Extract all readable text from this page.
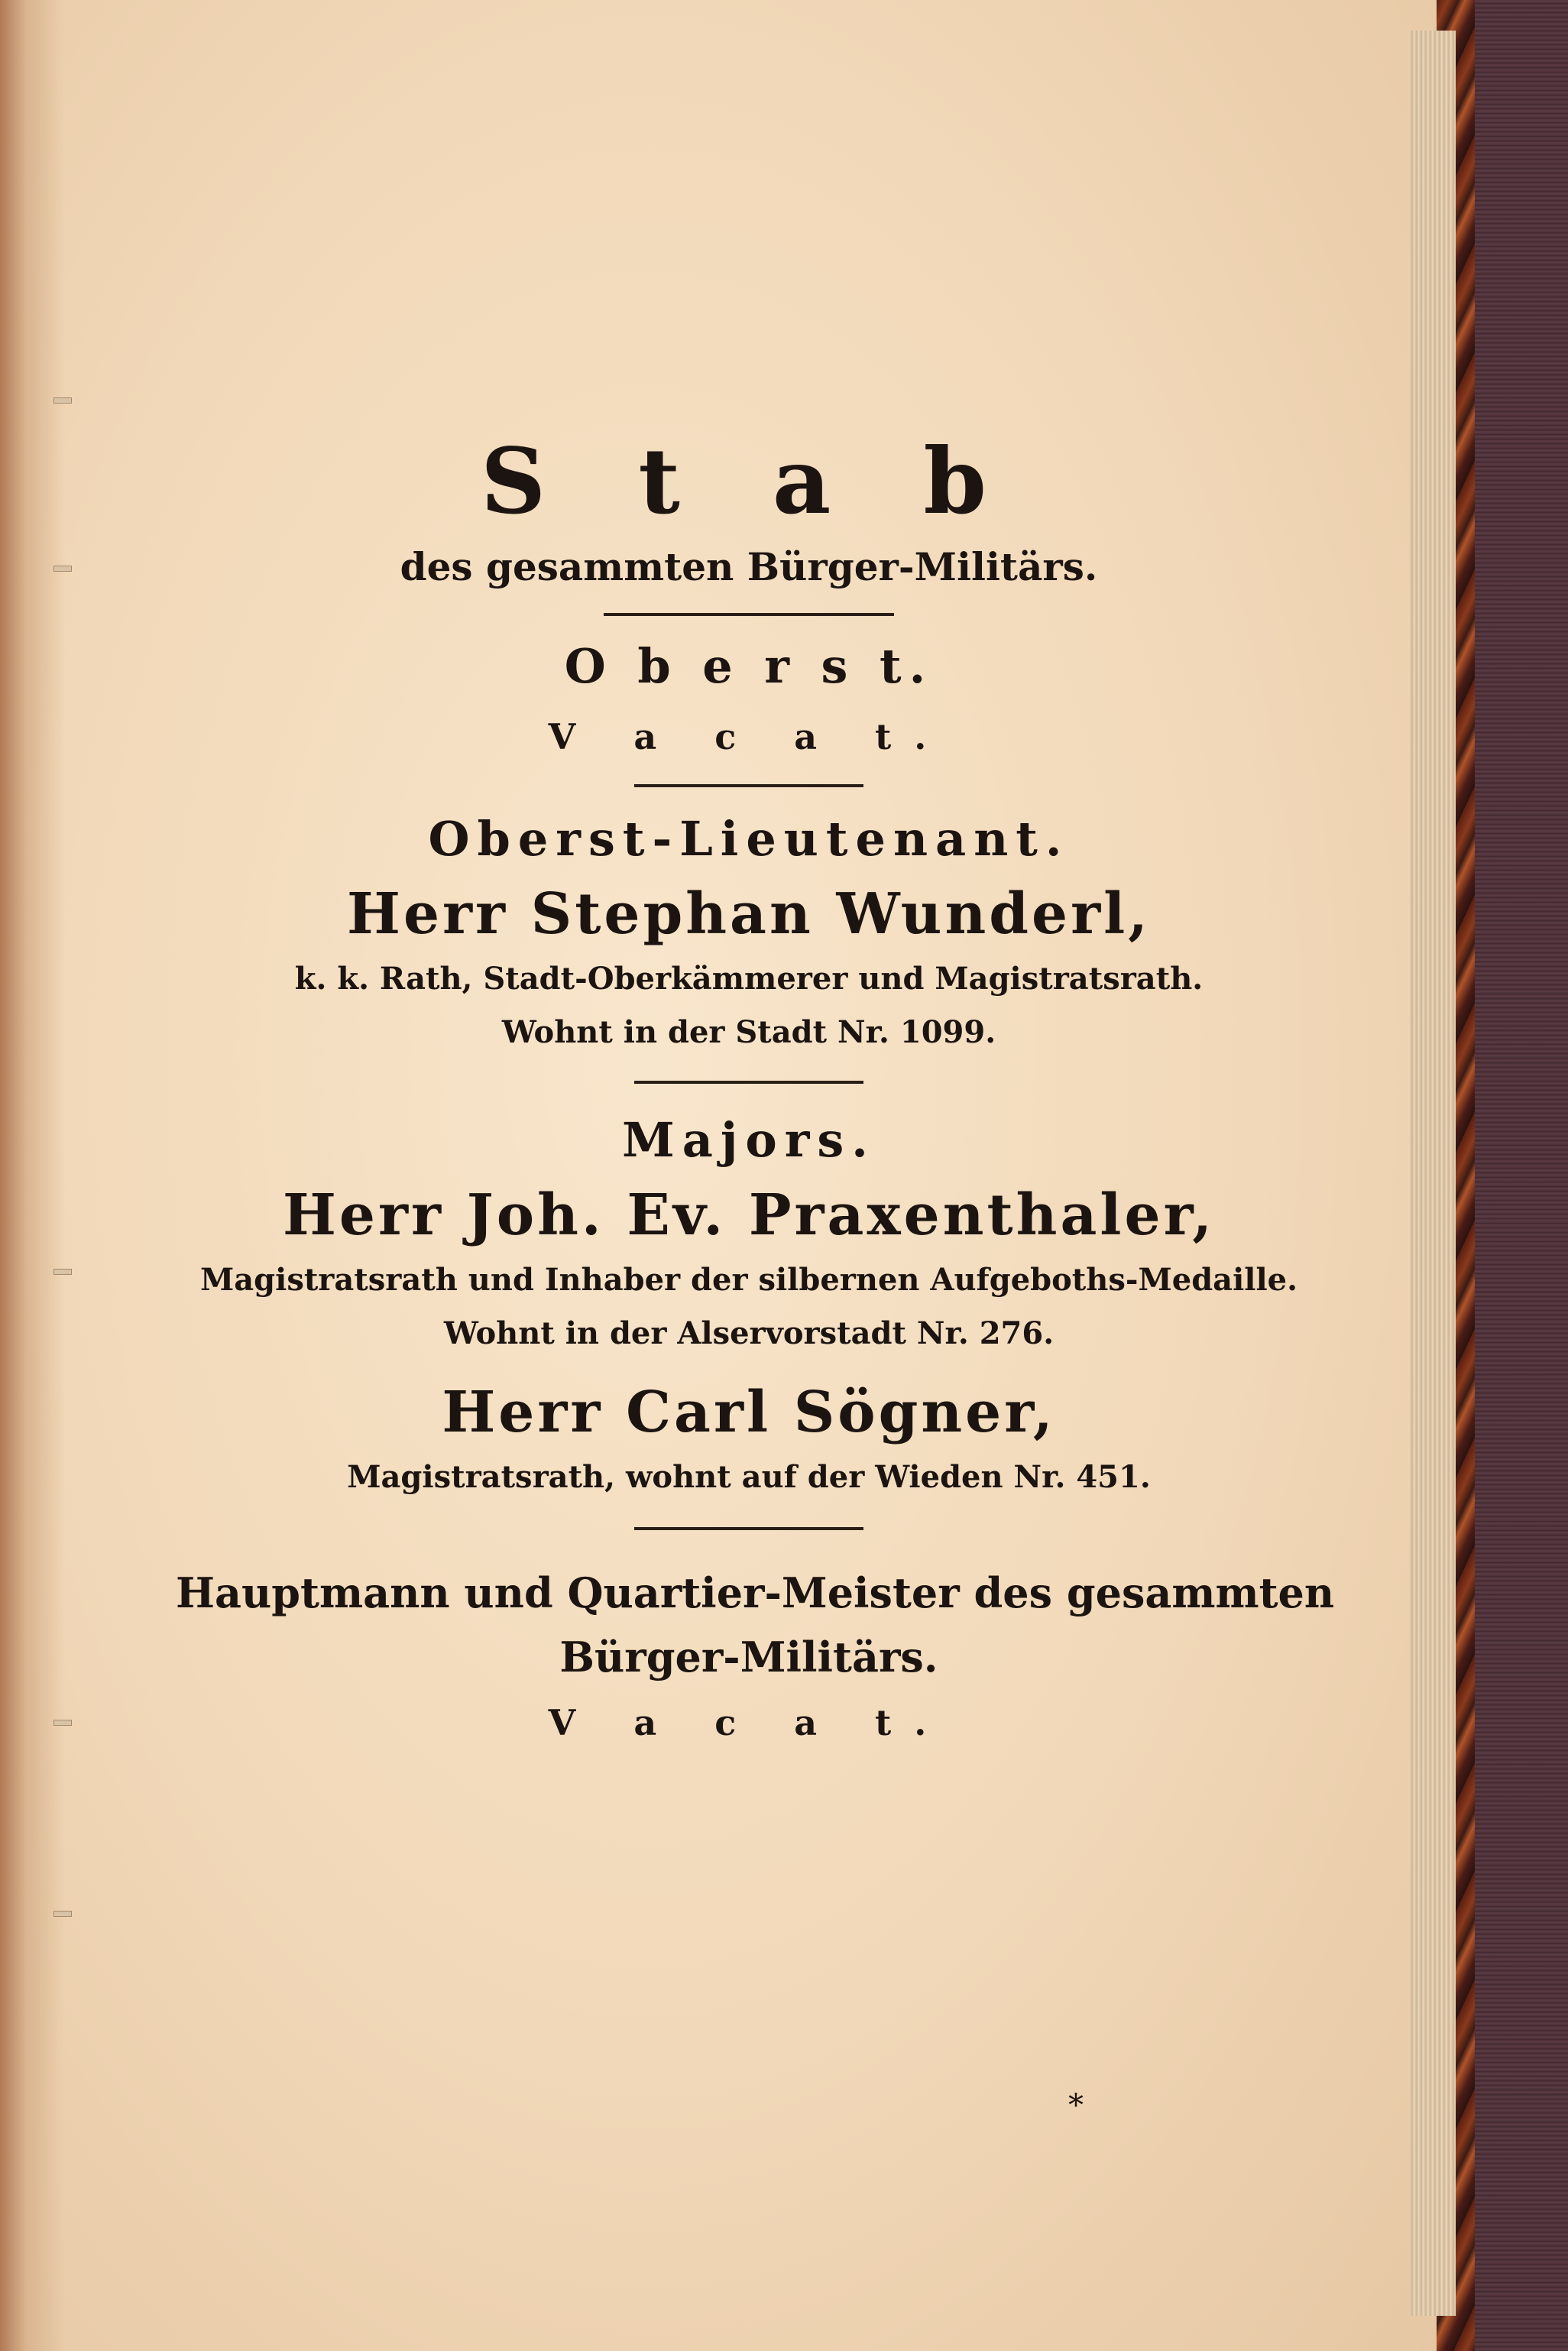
S t a b
des gesammten Bürger-Militärs.
O b e r s t.
V a c a t.
Oberst-Lieutenant.
Herr Stephan Wunderl,
k. k. Rath, Stadt-Oberkämmerer und Magistratsrath.
Wohnt in der Stadt Nr. 1099.
Majors.
Herr Joh. Ev. Praxenthaler,
Magistratsrath und Inhaber der silbernen Aufgeboths-Medaille.
Wohnt in der Alservorstadt Nr. 276.
Herr Carl Sögner,
Magistratsrath, wohnt auf der Wieden Nr. 451.
Hauptmann und Quartier-Meister des gesammten
Bürger-Militärs.
V a c a t.
*
